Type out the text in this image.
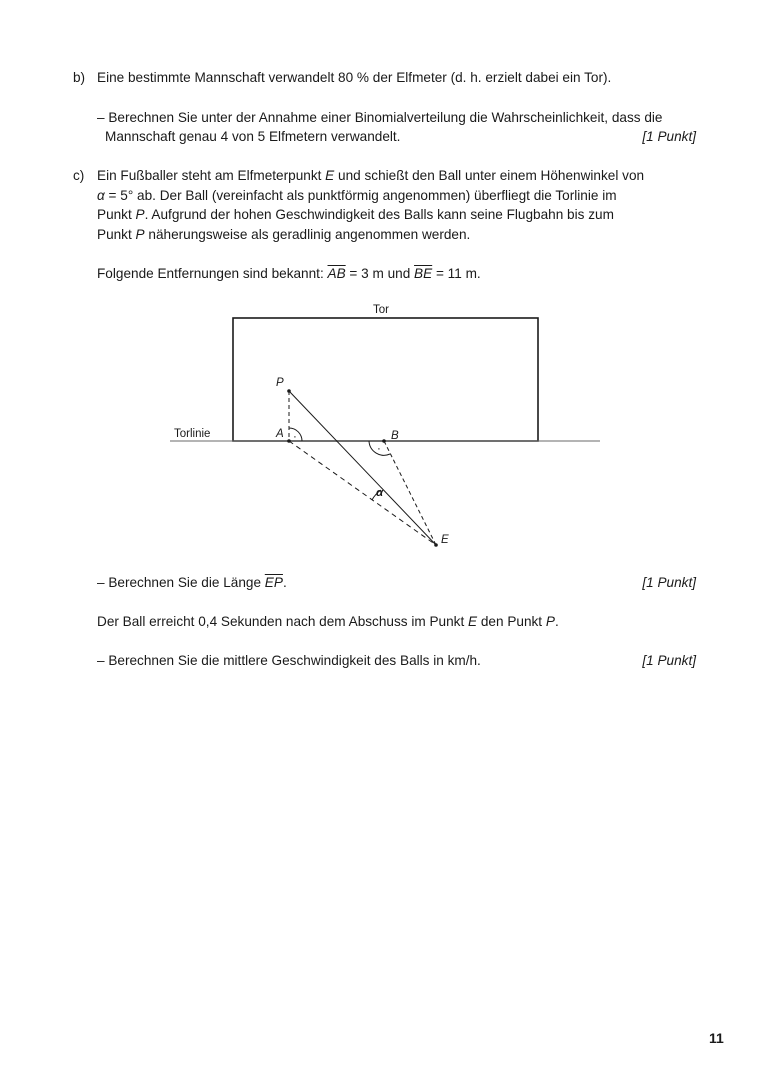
b) Eine bestimmte Mannschaft verwandelt 80 % der Elfmeter (d. h. erzielt dabei ein Tor).
– Berechnen Sie unter der Annahme einer Binomialverteilung die Wahrscheinlichkeit, dass die
Mannschaft genau 4 von 5 Elfmetern verwandelt.	[1 Punkt]
c) Ein Fußballer steht am Elfmeterpunkt E und schießt den Ball unter einem Höhenwinkel von
α = 5° ab. Der Ball (vereinfacht als punktförmig angenommen) überfliegt die Torlinie im
Punkt P. Aufgrund der hohen Geschwindigkeit des Balls kann seine Flugbahn bis zum
Punkt P näherungsweise als geradlinig angenommen werden.
Folgende Entfernungen sind bekannt: $\overline{AB} = 3$ m und $\overline{BE} = 11$ m.
·
·
Tor
Torlinie
P
A	B
E
α
– Berechnen Sie die Länge $\overline{EP}$.	[1 Punkt]
Der Ball erreicht 0,4 Sekunden nach dem Abschuss im Punkt E den Punkt P.
– Berechnen Sie die mittlere Geschwindigkeit des Balls in km/h.	[1 Punkt]
11
